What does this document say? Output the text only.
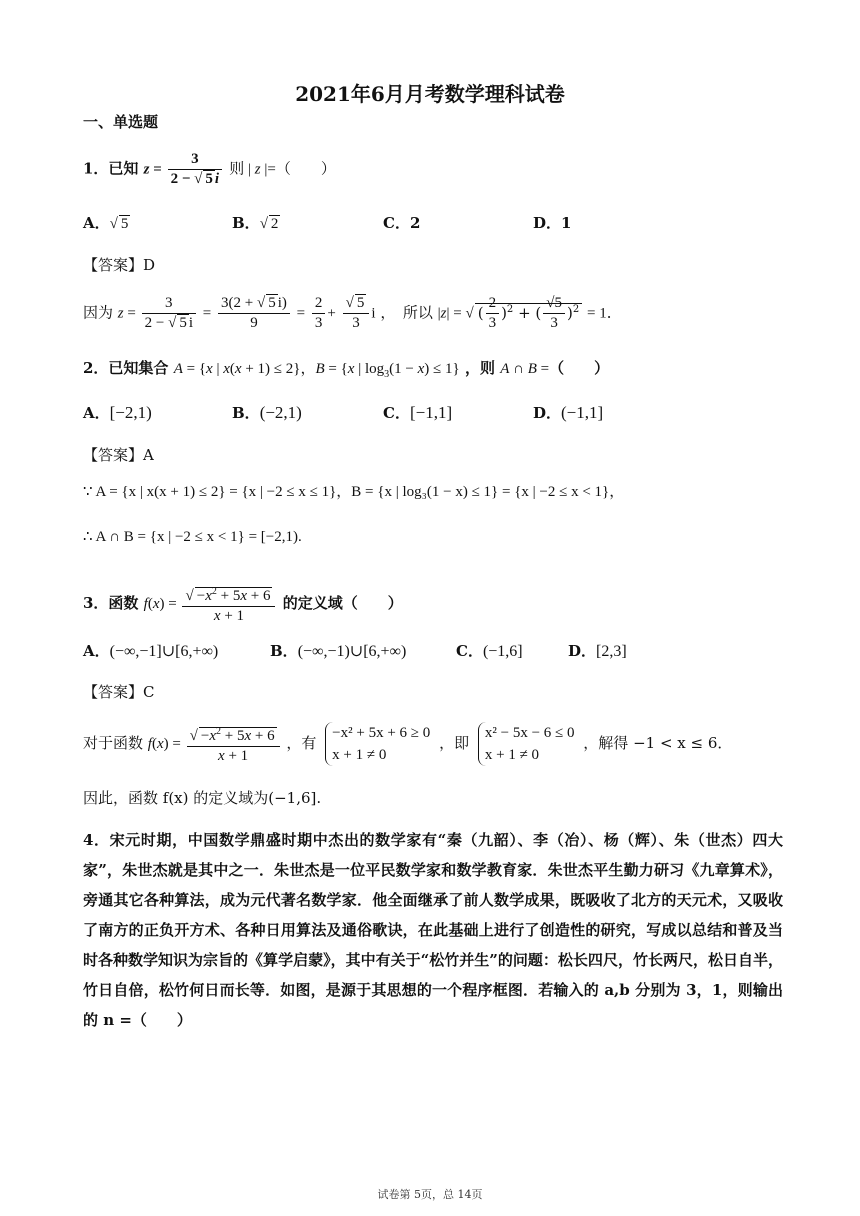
2021年6月月考数学理科试卷
一、单选题
1．已知 $z = \frac{3}{2 - √ 5 i}$ 则 | z |=（　　）
A．√ 5	B．√ 2	C．2	D．1
【答案】D
因为 $z = \frac{3}{2 - √ 5 i} = \frac{3(2 + √ 5 i)}{9} = \frac{2}{3} + \frac{√ 5}{3}$ i ，　所以 |z| = √ ( $\frac{2}{3} )^2$ + ( $\frac{√5}{3} )^2 = 1$．
2．已知集合 A = {x | x(x + 1) ≤ 2}，B = {x | $\log_3(1 - x) \le 1$} ，则 A ∩ B =（　　）
A．[−2,1)	B．(−2,1)	C．[−1,1]	D．(−1,1]
【答案】A
∵ A = {x | x(x + 1) ≤ 2} = {x | −2 ≤ x ≤ 1}，B = {x | log₃(1 − x) ≤ 1} = {x | −2 ≤ x < 1}，
∴ A ∩ B = {x | −2 ≤ x < 1} = [−2,1).
3．函数 $f(x) = \frac{√ -x^2 + 5x + 6}{x + 1}$ 的定义域（　　）
A．(−∞,−1]∪[6,+∞)	B．(−∞,−1)∪[6,+∞)	C．(−1,6]	D．[2,3]
【答案】C
对于函数 $f(x) = \frac{√ -x^2 + 5x + 6}{x + 1}$ ，有
−x² + 5x + 6 ≥ 0
x + 1 ≠ 0
，即
x² − 5x − 6 ≤ 0
x + 1 ≠ 0
，解得 −1 < x ≤ 6．
因此，函数 f(x) 的定义域为(−1,6].
4．宋元时期，中国数学鼎盛时期中杰出的数学家有“秦（九韶）、李（冶）、杨（辉）、朱（世杰）四大家”，朱世杰就是其中之一．朱世杰是一位平民数学家和数学教育家．朱世杰平生勤力研习《九章算术》，旁通其它各种算法，成为元代著名数学家．他全面继承了前人数学成果，既吸收了北方的天元术，又吸收了南方的正负开方术、各种日用算法及通俗歌诀，在此基础上进行了创造性的研究，写成以总结和普及当时各种数学知识为宗旨的《算学启蒙》，其中有关于“松竹并生”的问题：松长四尺，竹长两尺，松日自半，竹日自倍，松竹何日而长等．如图，是源于其思想的一个程序框图．若输入的 a,b 分别为 3，1，则输出的 n =（　　）
试卷第 5页，总 14页
